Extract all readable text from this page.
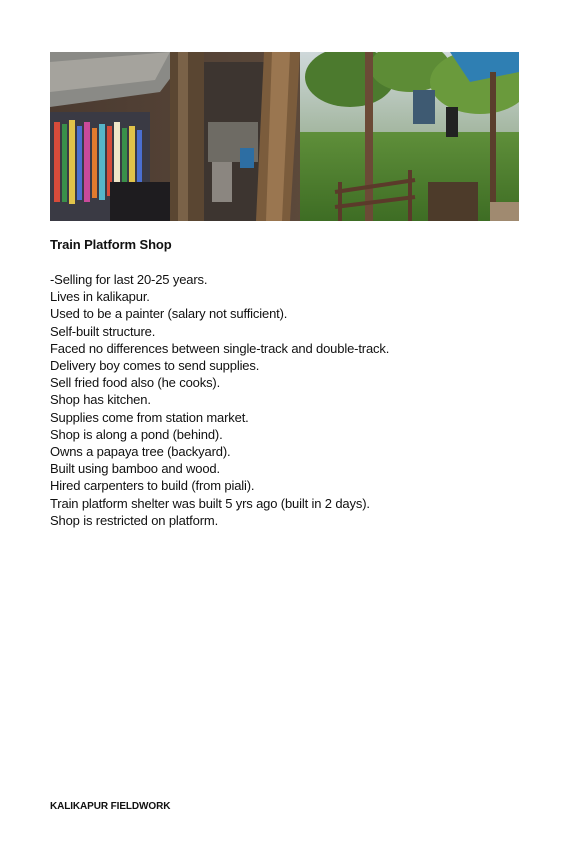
Train Platform Shop
-Selling for last 20-25 years.
Lives in kalikapur.
Used to be a painter (salary not sufficient).
Self-built structure.
Faced no differences between single-track and double-track.
Delivery boy comes to send supplies.
Sell fried food also (he cooks).
Shop has kitchen.
Supplies come from station market.
Shop is along a pond (behind).
Owns a papaya tree (backyard).
Built using bamboo and wood.
Hired carpenters to build (from piali).
Train platform shelter was built 5 yrs ago (built in 2 days).
Shop is restricted on platform.
KALIKAPUR FIELDWORK
